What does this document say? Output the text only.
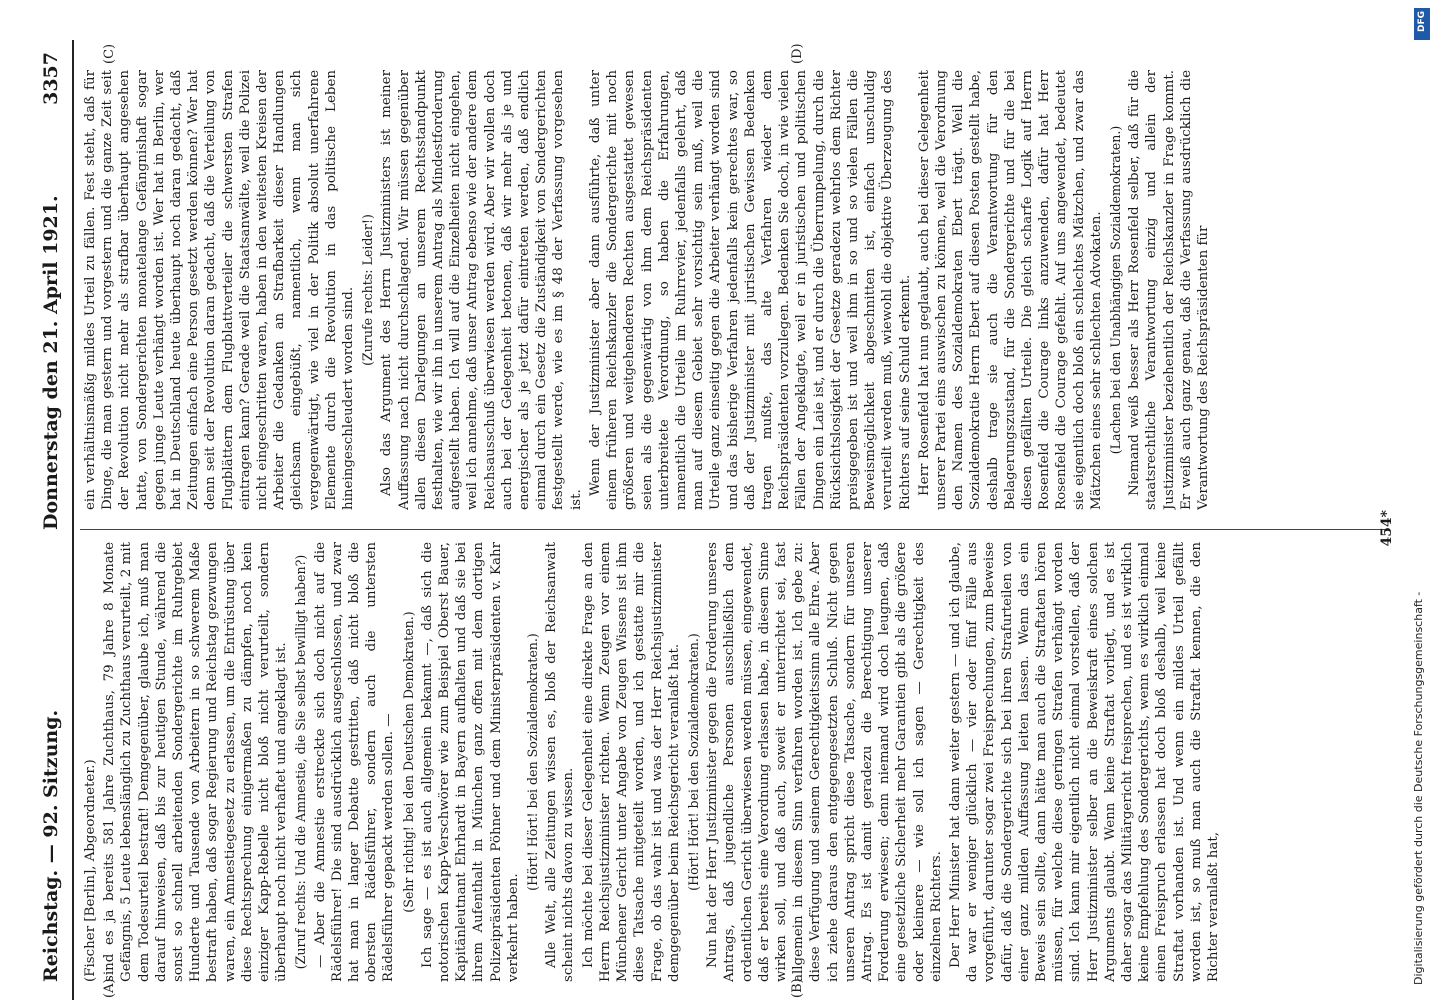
Reichstag. — 92. Sitzung.
Donnerstag den 21. April 1921.
3357
(A)	(B)
(C)	(D)

(Fischer [Berlin], Abgeordneter.) sind es ja bereits 581 Jahre Zuchthaus, 79 Jahre 8 Monate Gefängnis, 5 Leute lebenslänglich zu Zuchthaus verurteilt, 2 mit dem Todesurteil bestraft! Demgegenüber, glaube ich, muß man darauf hinweisen, daß bis zur heutigen Stunde, während die sonst so schnell arbeitenden Sondergerichte im Ruhrgebiet Hunderte und Tausende von Arbeitern in so schwerem Maße bestraft haben, daß sogar Regierung und Reichstag gezwungen waren, ein Amnestiegesetz zu erlassen, um die Entrüstung über diese Rechtsprechung einigermaßen zu dämpfen, noch kein einziger Kapp-Rebelle nicht bloß nicht verurteilt, sondern überhaupt noch nicht verhaftet und angeklagt ist. (Zuruf rechts: Und die Amnestie, die Sie selbst bewilligt haben?) — Aber die Amnestie erstreckte sich doch nicht auf die Rädelsführer! Die sind ausdrücklich ausgeschlossen, und zwar hat man in langer Debatte gestritten, daß nicht bloß die obersten Rädelsführer, sondern auch die untersten Rädelsführer gepackt werden sollen. — (Sehr richtig! bei den Deutschen Demokraten.) Ich sage — es ist auch allgemein bekannt —, daß sich die notorischen Kapp-Verschwörer wie zum Beispiel Oberst Bauer, Kapitänleutnant Ehrhardt in Bayern aufhalten und daß sie bei ihrem Aufenthalt in München ganz offen mit dem dortigen Polizeipräsidenten Pöhner und dem Ministerpräsidenten v. Kahr verkehrt haben.

(Hört! Hört! bei den Sozialdemokraten.) Alle Welt, alle Zeitungen wissen es, bloß der Reichsanwalt scheint nichts davon zu wissen. Ich möchte bei dieser Gelegenheit eine direkte Frage an den Herrn Reichsjustizminister richten. Wenn Zeugen vor einem Münchener Gericht unter Angabe von Zeugen Wissens ist ihm diese Tatsache mitgeteilt worden, und ich gestatte mir die Frage, ob das wahr ist und was der Herr Reichsjustizminister demgegenüber beim Reichsgericht veranlaßt hat. (Hört! Hört! bei den Sozialdemokraten.) Nun hat der Herr Justizminister gegen die Forderung unseres Antrags, daß jugendliche Personen ausschließlich dem ordentlichen Gericht überwiesen werden müssen, eingewendet, daß er bereits eine Verordnung erlassen habe, in diesem Sinne wirken soll, und daß auch, soweit er unterrichtet sei, fast allgemein in diesem Sinn verfahren worden ist. Ich gebe zu: diese Verfügung und seinem Gerechtigkeitssinn alle Ehre. Aber ich ziehe daraus den entgegengesetzten Schluß. Nicht gegen unseren Antrag spricht diese Tatsache, sondern für unseren Antrag. Es ist damit geradezu die Berechtigung unserer Forderung erwiesen; denn niemand wird doch leugnen, daß eine gesetzliche Sicherheit mehr Garantien gibt als die größere oder kleinere — wie soll ich sagen — Gerechtigkeit des einzelnen Richters. Der Herr Minister hat dann weiter gestern — und ich glaube, da war er weniger glücklich — vier oder fünf Fälle aus vorgeführt, darunter sogar zwei Freisprechungen, zum Beweise dafür, daß die Sondergerichte sich bei ihren Strafurteilen von einer ganz milden Auffassung leiten lassen. Wenn das ein Beweis sein sollte, dann hätte man auch die Straftaten hören müssen, für welche diese geringen Strafen verhängt worden sind. Ich kann mir eigentlich nicht einmal vorstellen, daß der Herr Justizminister selber an die Beweiskraft eines solchen Arguments glaubt. Wenn keine Straftat vorliegt, und es ist daher sogar das Militärgericht freisprechen, und es ist wirklich keine Empfehlung des Sondergerichts, wenn es wirklich einmal einen Freispruch erlassen hat doch bloß deshalb, weil keine Straftat vorhanden ist. Und wenn ein mildes Urteil gefällt worden ist, so muß man auch die Straftat kennen, die den Richter veranlaßt hat,

ein verhältnismäßig mildes Urteil zu fällen. Fest steht, daß für Dinge, die man gestern und vorgestern und die ganze Zeit seit der Revolution nicht mehr als strafbar überhaupt angesehen hatte, von Sondergerichten monatelange Gefängnishaft sogar gegen junge Leute verhängt worden ist. Wer hat in Berlin, wer hat in Deutschland heute überhaupt noch daran gedacht, daß Zeitungen einfach eine Person gesetzt werden können? Wer hat denn seit der Revolution daran gedacht, daß die Verteilung von Flugblättern dem Flugblattverteiler die schwersten Strafen eintragen kann? Gerade weil die Staatsanwälte, weil die Polizei nicht eingeschritten waren, haben in den weitesten Kreisen der Arbeiter die Gedanken an Strafbarkeit dieser Handlungen gleichsam eingebüßt, namentlich, wenn man sich vergegenwärtigt, wie viel in der Politik absolut unerfahrene Elemente durch die Revolution in das politische Leben hineingeschleudert worden sind. (Zurufe rechts: Leider!) Also das Argument des Herrn Justizministers ist meiner Auffassung nach nicht durchschlagend. Wir müssen gegenüber allen diesen Darlegungen an unserem Rechtsstandpunkt festhalten, wie wir ihn in unserem Antrag als Mindestforderung aufgestellt haben. Ich will auf die Einzelheiten nicht eingehen, weil ich annehme, daß unser Antrag ebenso wie der andere dem Reichsausschuß überwiesen werden wird. Aber wir wollen doch auch bei der Gelegenheit betonen, daß wir mehr als je und energischer als je jetzt dafür eintreten werden, daß endlich einmal durch ein Gesetz die Zuständigkeit von Sondergerichten festgestellt werde, wie es im § 48 der Verfassung vorgesehen ist.

Wenn der Justizminister aber dann ausführte, daß unter einem früheren Reichskanzler die Sondergerichte mit noch größeren und weitgehenderen Rechten ausgestattet gewesen seien als die gegenwärtig von ihm dem Reichspräsidenten unterbreitete Verordnung, so haben die Erfahrungen, namentlich die Urteile im Ruhrrevier, jedenfalls gelehrt, daß man auf diesem Gebiet sehr vorsichtig sein muß, weil die Urteile ganz einseitig gegen die Arbeiter verhängt worden sind und das bisherige Verfahren jedenfalls kein gerechtes war, so daß der Justizminister mit juristischen Gewissen Bedenken tragen mußte, das alte Verfahren wieder dem Reichspräsidenten vorzulegen. Bedenken Sie doch, in wie vielen Fällen der Angeklagte, weil er in juristischen und politischen Dingen ein Laie ist, und er durch die Überrumpelung, durch die Rücksichtslosigkeit der Gesetze geradezu wehrlos dem Richter preisgegeben ist und weil ihm in so und so vielen Fällen die Beweismöglichkeit abgeschnitten ist, einfach unschuldig verurteilt werden muß, wiewohl die objektive Überzeugung des Richters auf seine Schuld erkennt. Herr Rosenfeld hat nun geglaubt, auch bei dieser Gelegenheit unserer Partei eins auswischen zu können, weil die Verordnung den Namen des Sozialdemokraten Ebert trägt. Weil die Sozialdemokratie Herrn Ebert auf diesen Posten gestellt habe, deshalb trage sie auch die Verantwortung für den Belagerungszustand, für die Sondergerichte und für die bei diesen gefällten Urteile. Die gleich scharfe Logik auf Herrn Rosenfeld die Courage links anzuwenden, dafür hat Herr Rosenfeld die Courage gefehlt. Auf uns angewendet, bedeutet sie eigentlich doch bloß ein schlechtes Mätzchen, und zwar das Mätzchen eines sehr schlechten Advokaten. (Lachen bei den Unabhängigen Sozialdemokraten.) Niemand weiß besser als Herr Rosenfeld selber, daß für die staatsrechtliche Verantwortung einzig und allein der Justizminister beziehentlich der Reichskanzler in Frage kommt. Er weiß auch ganz genau, daß die Verfassung ausdrücklich die Verantwortung des Reichspräsidenten für

454*
Digitalisierung gefördert durch die Deutsche Forschungsgemeinschaft -
DFG
